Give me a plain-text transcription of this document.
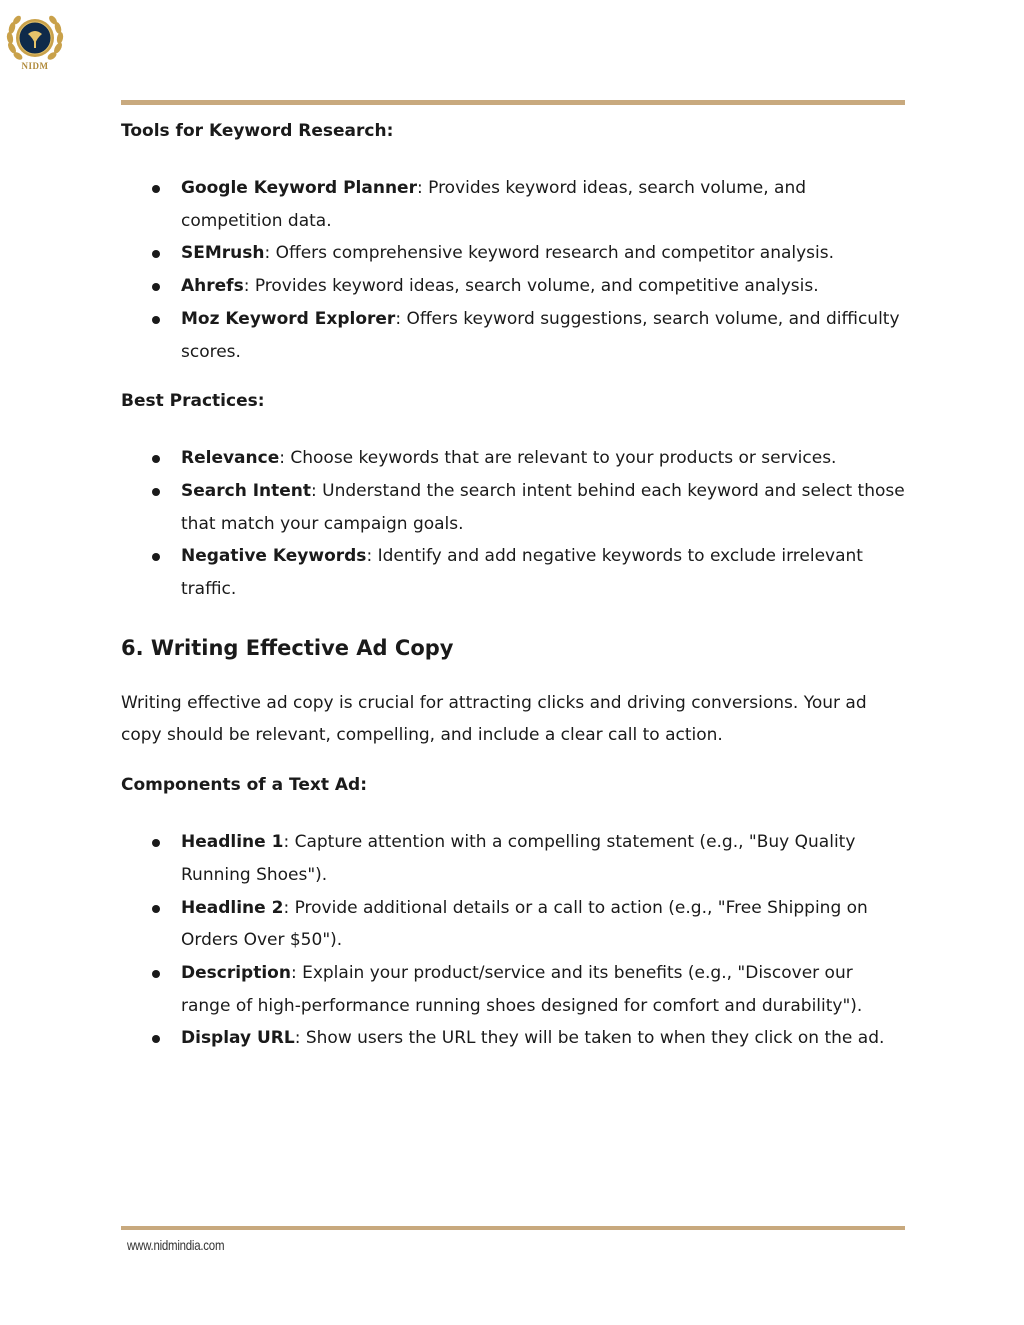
NIDM

Tools for Keyword Research:

Google Keyword Planner: Provides keyword ideas, search volume, and competition data.
SEMrush: Offers comprehensive keyword research and competitor analysis.
Ahrefs: Provides keyword ideas, search volume, and competitive analysis.
Moz Keyword Explorer: Offers keyword suggestions, search volume, and difficulty scores.

Best Practices:

Relevance: Choose keywords that are relevant to your products or services.
Search Intent: Understand the search intent behind each keyword and select those that match your campaign goals.
Negative Keywords: Identify and add negative keywords to exclude irrelevant traffic.
6. Writing Effective Ad Copy

Writing effective ad copy is crucial for attracting clicks and driving conversions. Your ad copy should be relevant, compelling, and include a clear call to action.

Components of a Text Ad:

Headline 1: Capture attention with a compelling statement (e.g., "Buy Quality Running Shoes").
Headline 2: Provide additional details or a call to action (e.g., "Free Shipping on Orders Over $50").
Description: Explain your product/service and its benefits (e.g., "Discover our range of high-performance running shoes designed for comfort and durability").
Display URL: Show users the URL they will be taken to when they click on the ad.
www.nidmindia.com
